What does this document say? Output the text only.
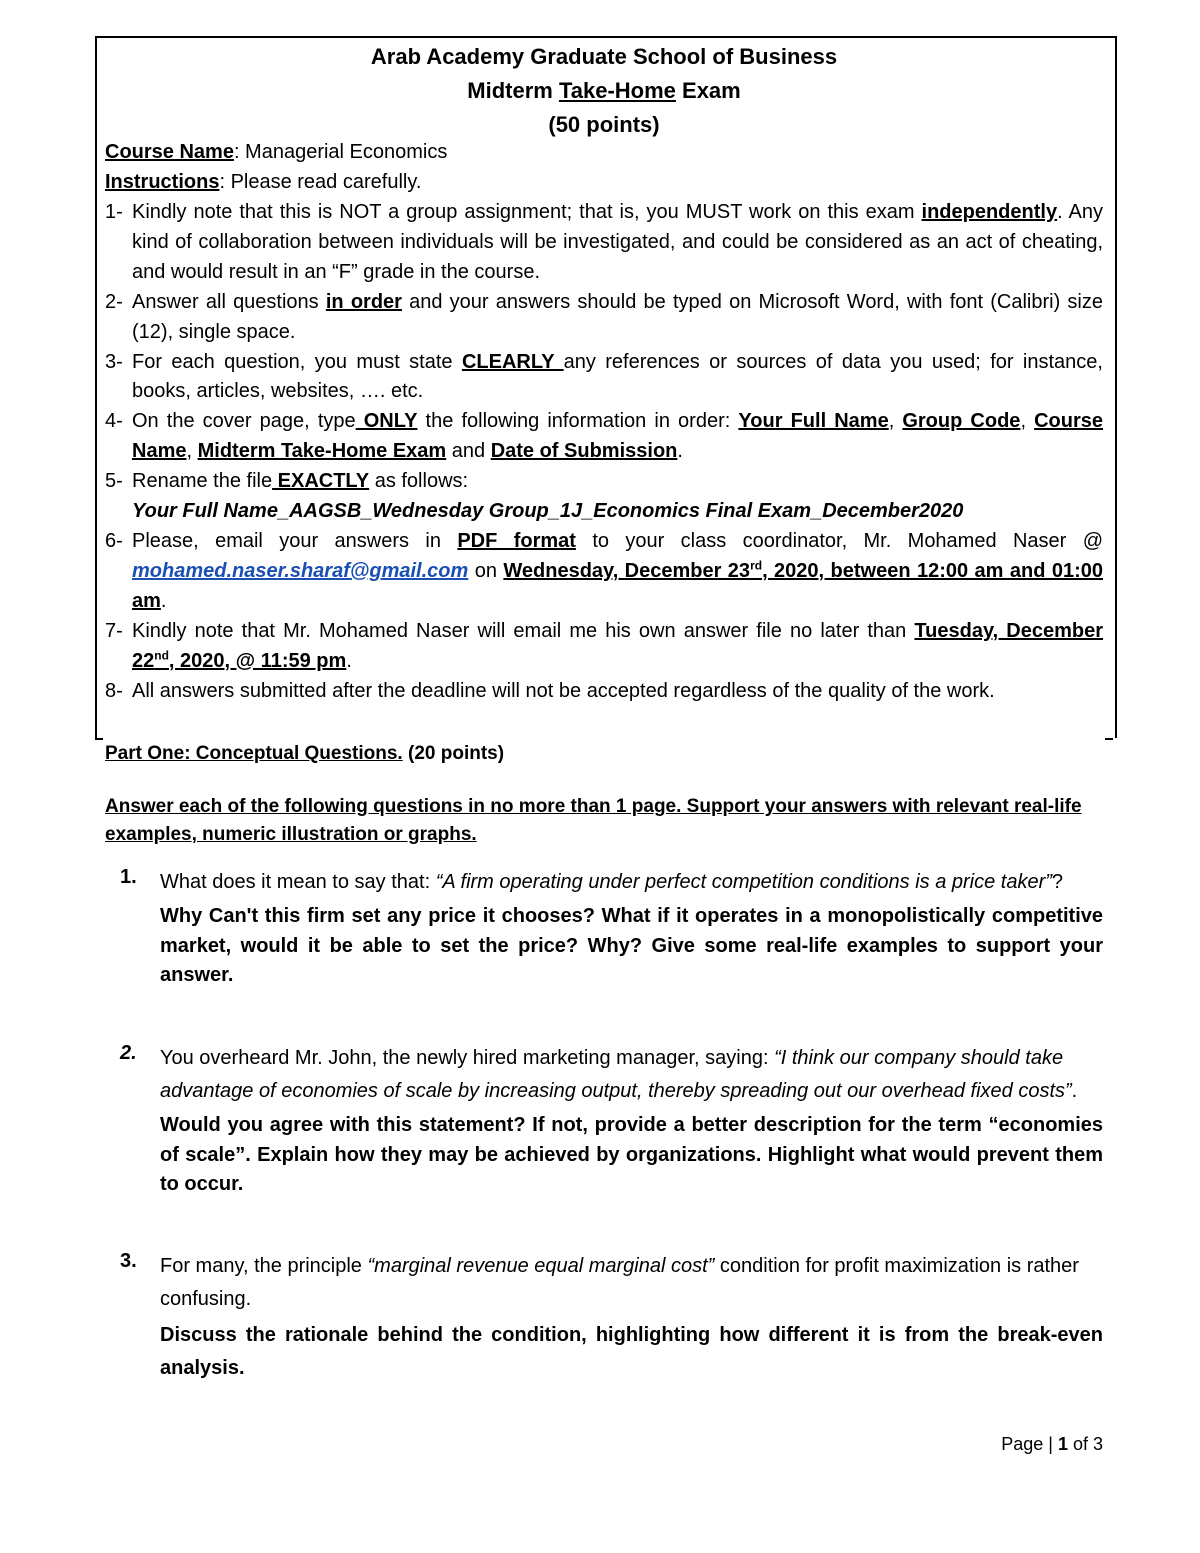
Arab Academy Graduate School of Business
Midterm Take-Home Exam
(50 points)
Course Name: Managerial Economics
Instructions: Please read carefully.
1- Kindly note that this is NOT a group assignment; that is, you MUST work on this exam independently. Any kind of collaboration between individuals will be investigated, and could be considered as an act of cheating, and would result in an “F” grade in the course.
2- Answer all questions in order and your answers should be typed on Microsoft Word, with font (Calibri) size (12), single space.
3- For each question, you must state CLEARLY any references or sources of data you used; for instance, books, articles, websites, …. etc.
4- On the cover page, type ONLY the following information in order: Your Full Name, Group Code, Course Name, Midterm Take-Home Exam and Date of Submission.
5- Rename the file EXACTLY as follows:
Your Full Name_AAGSB_Wednesday Group_1J_Economics Final Exam_December2020
6- Please, email your answers in PDF format to your class coordinator, Mr. Mohamed Naser @ mohamed.naser.sharaf@gmail.com on Wednesday, December 23rd, 2020, between 12:00 am and 01:00 am.
7- Kindly note that Mr. Mohamed Naser will email me his own answer file no later than Tuesday, December 22nd, 2020, @ 11:59 pm.
8- All answers submitted after the deadline will not be accepted regardless of the quality of the work.
Part One: Conceptual Questions. (20 points)
Answer each of the following questions in no more than 1 page. Support your answers with relevant real-life examples, numeric illustration or graphs.
1. What does it mean to say that: “A firm operating under perfect competition conditions is a price taker”?
Why Can't this firm set any price it chooses? What if it operates in a monopolistically competitive market, would it be able to set the price? Why? Give some real-life examples to support your answer.
2. You overheard Mr. John, the newly hired marketing manager, saying: “I think our company should take advantage of economies of scale by increasing output, thereby spreading out our overhead fixed costs”.
Would you agree with this statement? If not, provide a better description for the term “economies of scale”. Explain how they may be achieved by organizations. Highlight what would prevent them to occur.
3. For many, the principle “marginal revenue equal marginal cost” condition for profit maximization is rather confusing.
Discuss the rationale behind the condition, highlighting how different it is from the break-even analysis.
Page | 1 of 3
